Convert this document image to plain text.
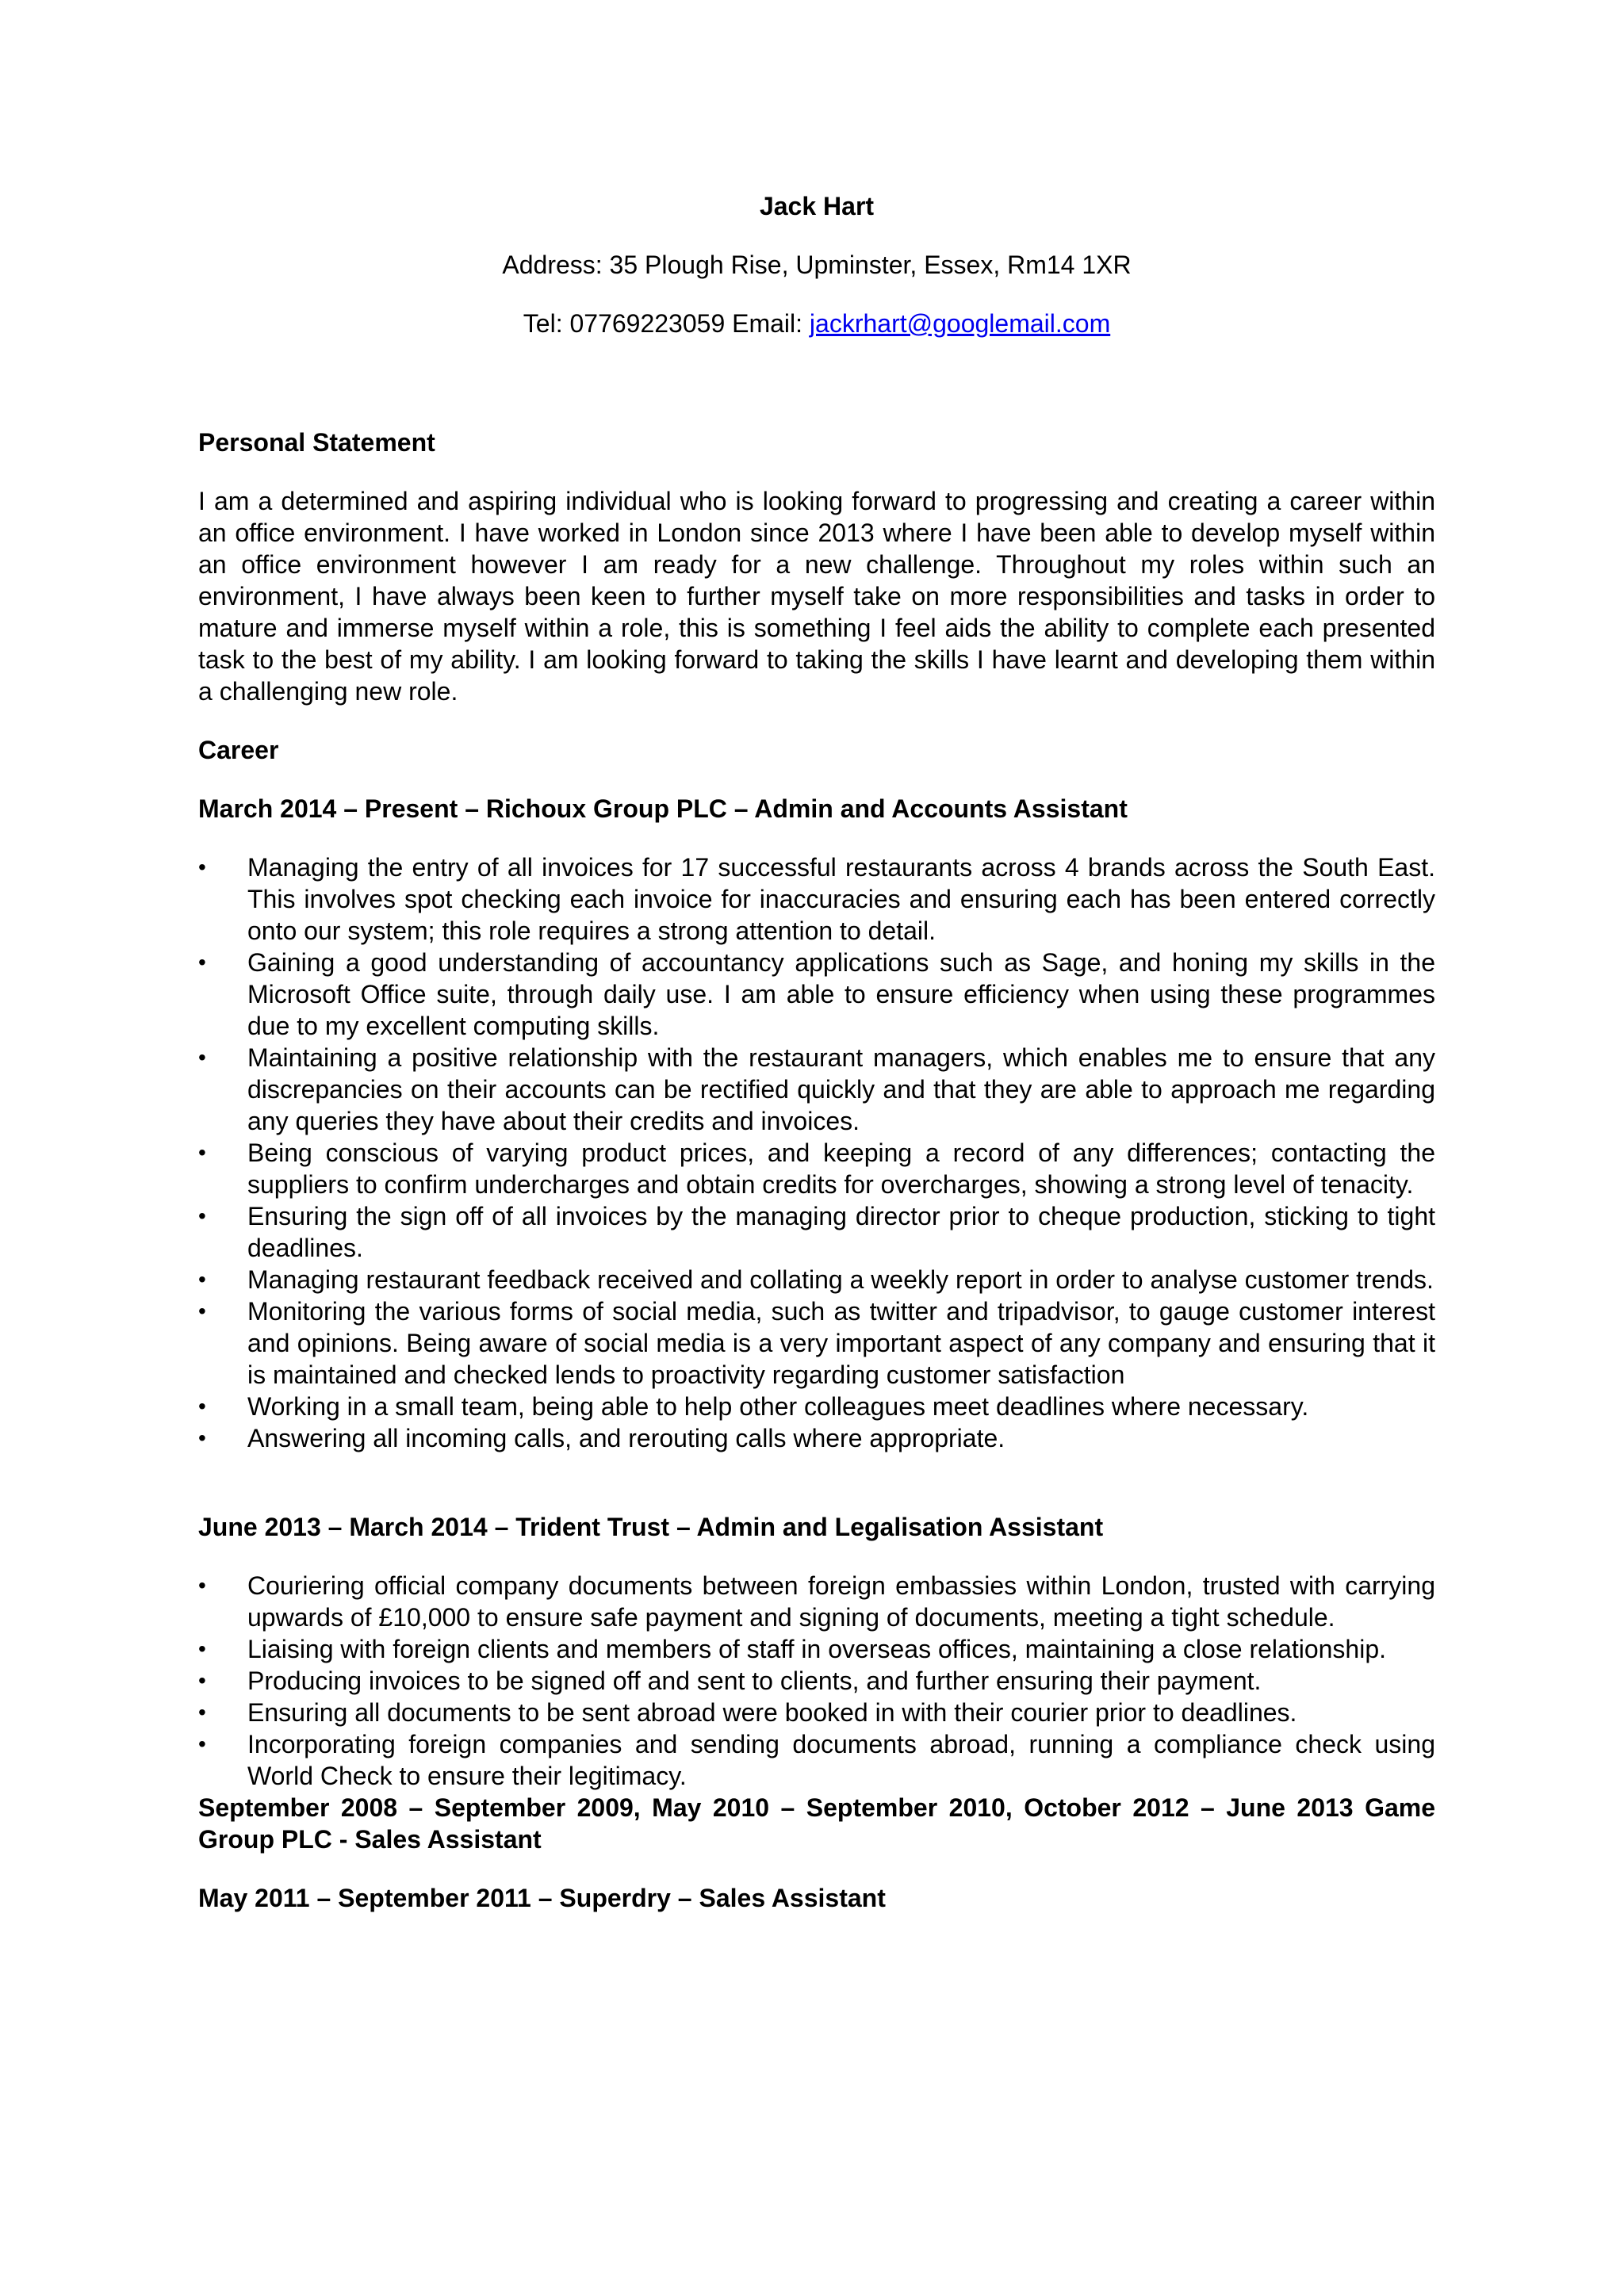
Jack Hart

Address: 35 Plough Rise, Upminster, Essex, Rm14 1XR

Tel: 07769223059 Email: jackrhart@googlemail.com

Personal Statement

I am a determined and aspiring individual who is looking forward to progressing and creating a career within an office environment. I have worked in London since 2013 where I have been able to develop myself within an office environment however I am ready for a new challenge. Throughout my roles within such an environment, I have always been keen to further myself take on more responsibilities and tasks in order to mature and immerse myself within a role, this is something I feel aids the ability to complete each presented task to the best of my ability. I am looking forward to taking the skills I have learnt and developing them within a challenging new role.

Career

March 2014 – Present – Richoux Group PLC – Admin and Accounts Assistant

• Managing the entry of all invoices for 17 successful restaurants across 4 brands across the South East. This involves spot checking each invoice for inaccuracies and ensuring each has been entered correctly onto our system; this role requires a strong attention to detail.
• Gaining a good understanding of accountancy applications such as Sage, and honing my skills in the Microsoft Office suite, through daily use. I am able to ensure efficiency when using these programmes due to my excellent computing skills.
• Maintaining a positive relationship with the restaurant managers, which enables me to ensure that any discrepancies on their accounts can be rectified quickly and that they are able to approach me regarding any queries they have about their credits and invoices.
• Being conscious of varying product prices, and keeping a record of any differences; contacting the suppliers to confirm undercharges and obtain credits for overcharges, showing a strong level of tenacity.
• Ensuring the sign off of all invoices by the managing director prior to cheque production, sticking to tight deadlines.
• Managing restaurant feedback received and collating a weekly report in order to analyse customer trends.
• Monitoring the various forms of social media, such as twitter and tripadvisor, to gauge customer interest and opinions. Being aware of social media is a very important aspect of any company and ensuring that it is maintained and checked lends to proactivity regarding customer satisfaction
• Working in a small team, being able to help other colleagues meet deadlines where necessary.
• Answering all incoming calls, and rerouting calls where appropriate.

June 2013 – March 2014 – Trident Trust – Admin and Legalisation Assistant

• Couriering official company documents between foreign embassies within London, trusted with carrying upwards of £10,000 to ensure safe payment and signing of documents, meeting a tight schedule.
• Liaising with foreign clients and members of staff in overseas offices, maintaining a close relationship.
• Producing invoices to be signed off and sent to clients, and further ensuring their payment.
• Ensuring all documents to be sent abroad were booked in with their courier prior to deadlines.
• Incorporating foreign companies and sending documents abroad, running a compliance check using World Check to ensure their legitimacy.

September 2008 – September 2009, May 2010 – September 2010, October 2012 – June 2013 Game Group PLC - Sales Assistant

May 2011 – September 2011 – Superdry – Sales Assistant
